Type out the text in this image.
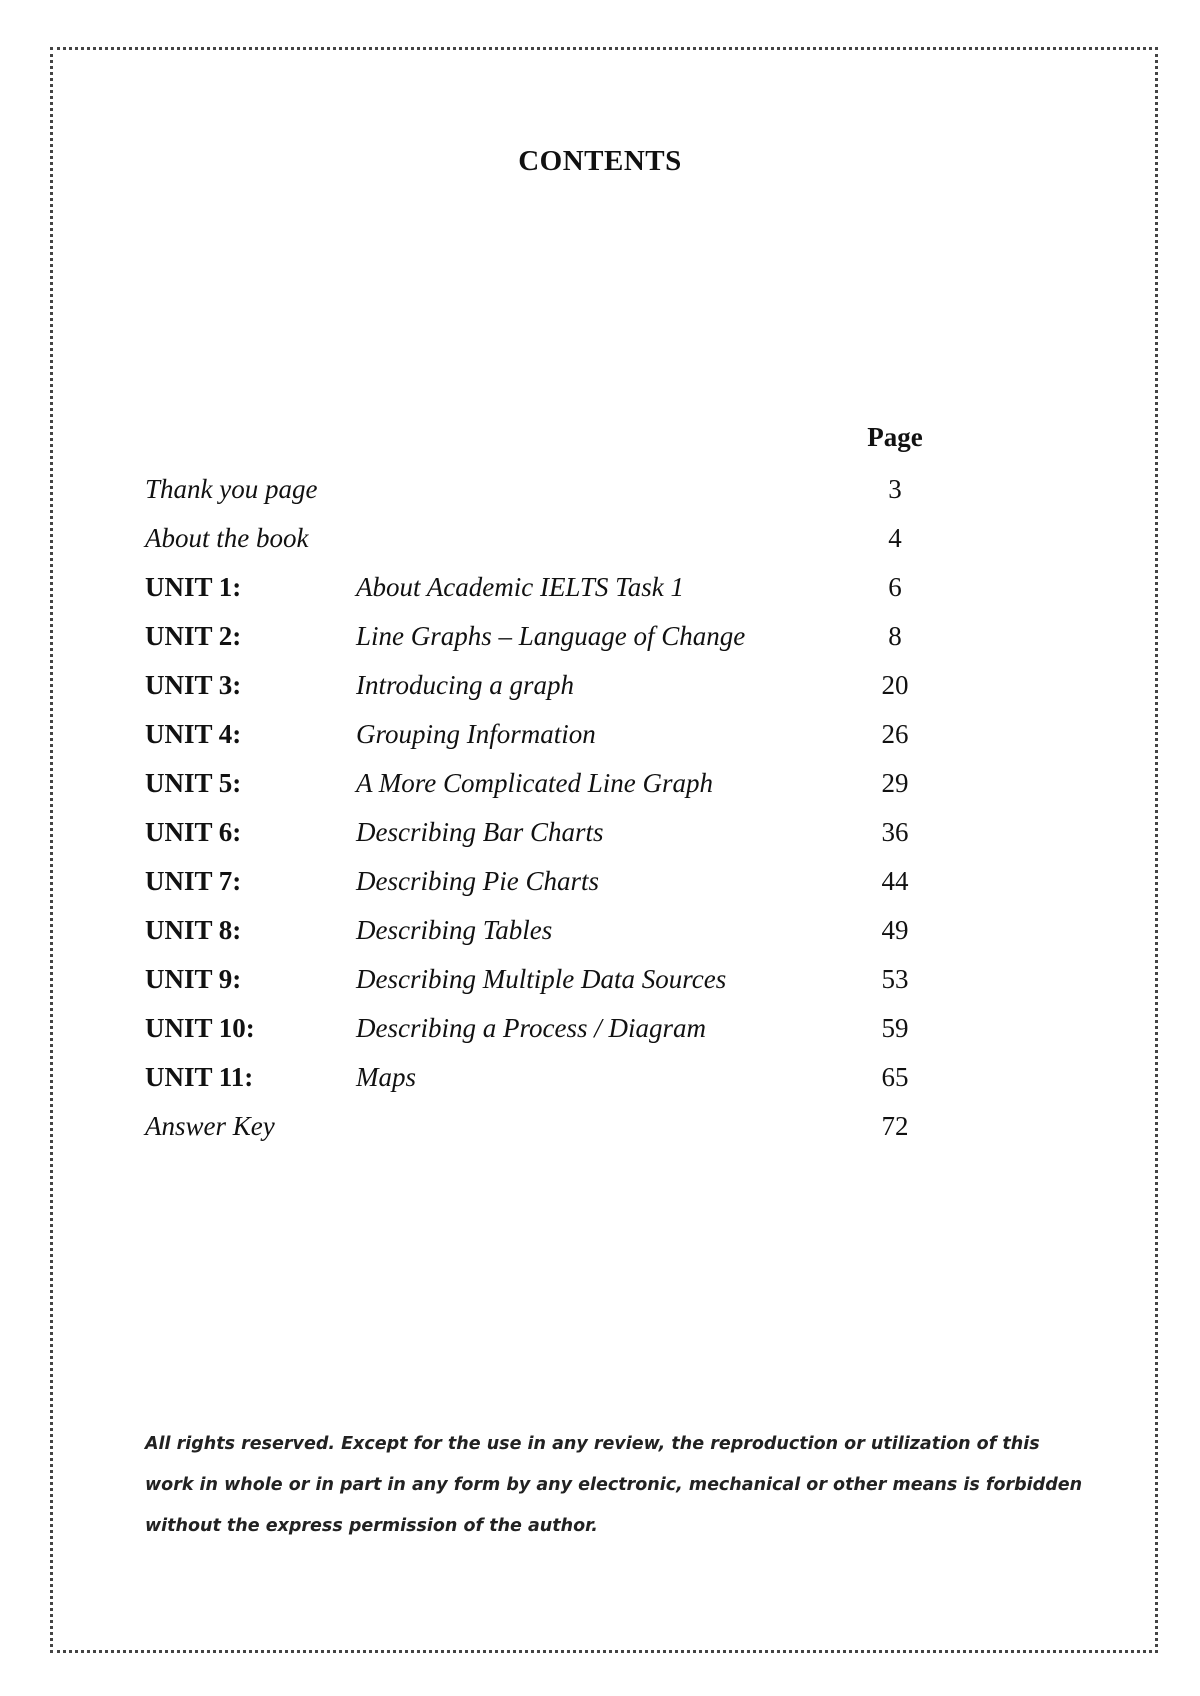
CONTENTS
Page
Thank you page	3
About the book	4
UNIT 1:	About Academic IELTS Task 1	6
UNIT 2:	Line Graphs – Language of Change	8
UNIT 3:	Introducing a graph	20
UNIT 4:	Grouping Information	26
UNIT 5:	A More Complicated Line Graph	29
UNIT 6:	Describing Bar Charts	36
UNIT 7:	Describing Pie Charts	44
UNIT 8:	Describing Tables	49
UNIT 9:	Describing Multiple Data Sources	53
UNIT 10:	Describing a Process / Diagram	59
UNIT 11:	Maps	65
Answer Key	72
All rights reserved. Except for the use in any review, the reproduction or utilization of this work in whole or in part in any form by any electronic, mechanical or other means is forbidden without the express permission of the author.
